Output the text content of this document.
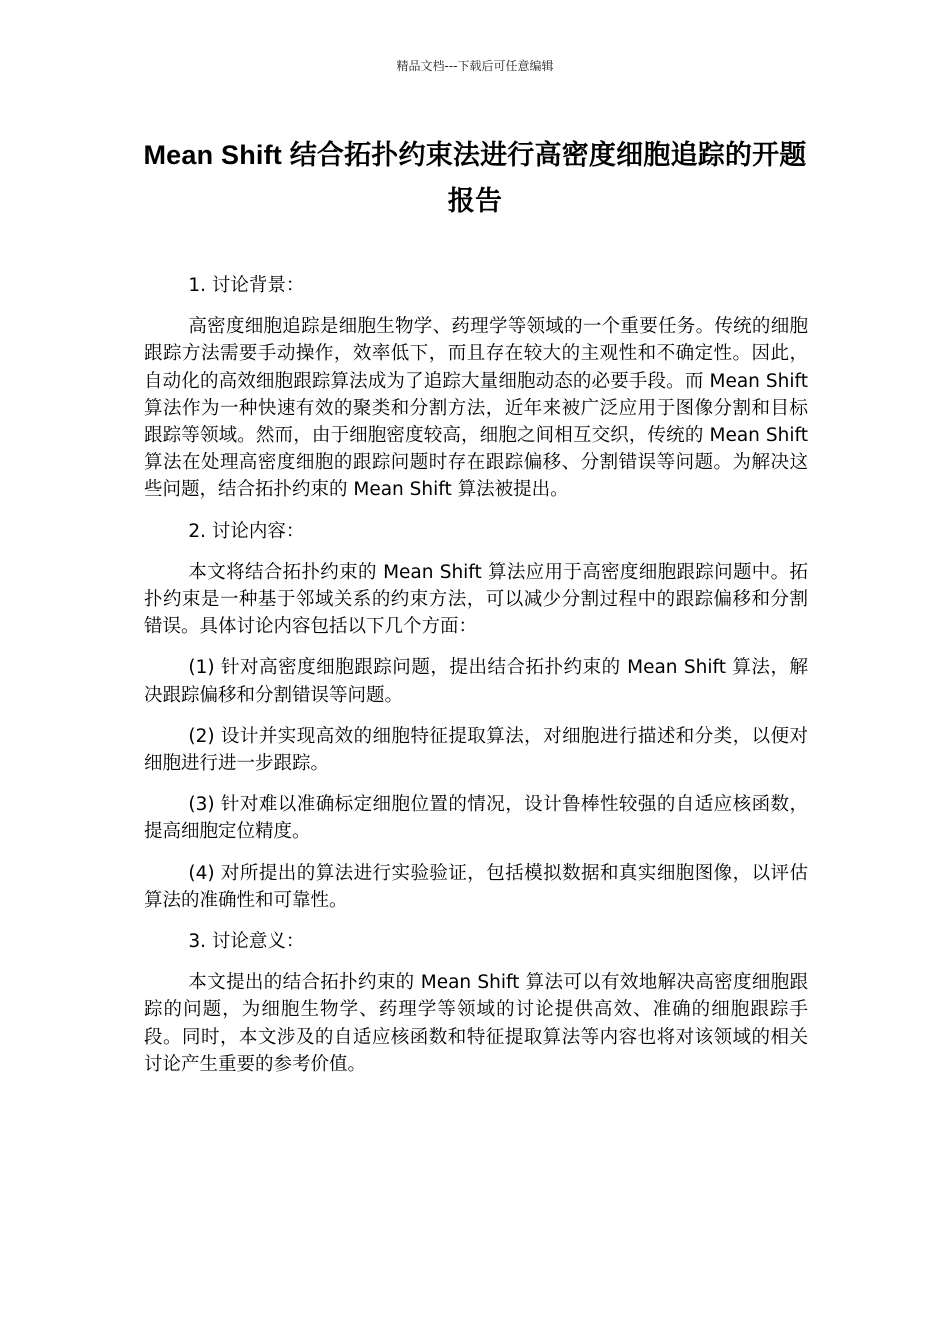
精品文档---下载后可任意编辑
Mean Shift 结合拓扑约束法进行高密度细胞追踪的开题报告

1. 讨论背景：

高密度细胞追踪是细胞生物学、药理学等领域的一个重要任务。传统的细胞跟踪方法需要手动操作，效率低下，而且存在较大的主观性和不确定性。因此，自动化的高效细胞跟踪算法成为了追踪大量细胞动态的必要手段。而 Mean Shift 算法作为一种快速有效的聚类和分割方法，近年来被广泛应用于图像分割和目标跟踪等领域。然而，由于细胞密度较高，细胞之间相互交织，传统的 Mean Shift 算法在处理高密度细胞的跟踪问题时存在跟踪偏移、分割错误等问题。为解决这些问题，结合拓扑约束的 Mean Shift 算法被提出。

2. 讨论内容：

本文将结合拓扑约束的 Mean Shift 算法应用于高密度细胞跟踪问题中。拓扑约束是一种基于邻域关系的约束方法，可以减少分割过程中的跟踪偏移和分割错误。具体讨论内容包括以下几个方面：

(1) 针对高密度细胞跟踪问题，提出结合拓扑约束的 Mean Shift 算法，解决跟踪偏移和分割错误等问题。

(2) 设计并实现高效的细胞特征提取算法，对细胞进行描述和分类，以便对细胞进行进一步跟踪。

(3) 针对难以准确标定细胞位置的情况，设计鲁棒性较强的自适应核函数，提高细胞定位精度。

(4) 对所提出的算法进行实验验证，包括模拟数据和真实细胞图像，以评估算法的准确性和可靠性。

3. 讨论意义：

本文提出的结合拓扑约束的 Mean Shift 算法可以有效地解决高密度细胞跟踪的问题，为细胞生物学、药理学等领域的讨论提供高效、准确的细胞跟踪手段。同时，本文涉及的自适应核函数和特征提取算法等内容也将对该领域的相关讨论产生重要的参考价值。
